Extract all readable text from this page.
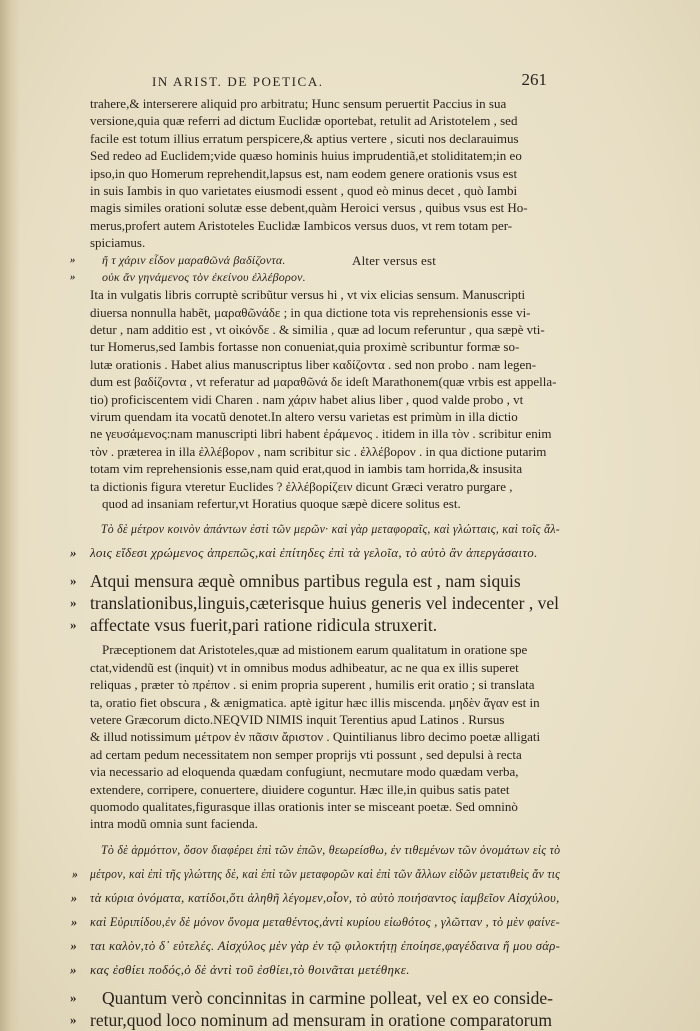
IN ARIST. DE POETICA.	261
trahere,& interserere aliquid pro arbitratu; Hunc sensum peruertit Paccius in sua
versione,quia quæ referri ad dictum Euclidæ oportebat, retulit ad Aristotelem , sed
facile est totum illius erratum perspicere,& aptius vertere , sicuti nos declarauimus
Sed redeo ad Euclidem;vide quæso hominis huius imprudentiã,et stoliditatem;in eo
ipso,in quo Homerum reprehendit,lapsus est, nam eodem genere orationis vsus est
in suis Iambis in quo varietates eiusmodi essent , quod eò minus decet , quò Iambi
magis similes orationi solutæ esse debent,quàm Heroici versus , quibus vsus est Ho-
merus,profert autem Aristoteles Euclidæ Iambicos versus duos, vt rem totam per-
spiciamus.
» ἤ τ χάριν εἶδον μαραθῶνά βαδίζοντα.	Alter versus est
» οὐκ ἄν γηνάμενος τὸν ἐκείνου ἐλλέβορον.
Ita in vulgatis libris corruptè scribũtur versus hi , vt vix elicias sensum. Manuscripti
diuersa nonnulla habẽt, μαραθῶνάδε ; in qua dictione tota vis reprehensionis esse vi-
detur , nam additio est , vt οἰκόνδε . & similia , quæ ad locum referuntur , qua sæpè vti-
tur Homerus,sed Iambis fortasse non conueniat,quia proximè scribuntur formæ so-
lutæ orationis . Habet alius manuscriptus liber καδίζοντα . sed non probo . nam legen-
dum est βαδίζοντα , vt referatur ad μαραθῶνά δε ideſt Marathonem(quæ vrbis est appella-
tio) proficiscentem vidi Charen . nam χάριν habet alius liber , quod valde probo , vt
virum quendam ita vocatũ denotet.In altero versu varietas est primùm in illa dictio
ne γευσάμενος:nam manuscripti libri habent ἐράμενος . itidem in illa τὸν . scribitur enim
τὸν . præterea in illa ἐλλέβορον , nam scribitur sic . ἐλλέβορον . in qua dictione putarim
totam vim reprehensionis esse,nam quid erat,quod in iambis tam horrida,& insusita
ta dictionis figura vteretur Euclides ? ἐλλέβορίζειν dicunt Græci veratro purgare ,
quod ad insaniam refertur,vt Horatius quoque sæpè dicere solitus est.
Τὸ δὲ μέτρον κοινὸν ἁπάντων ἐστὶ τῶν μερῶν· καὶ γὰρ μεταφοραῖς, καὶ γλώτταις, καὶ τοῖς ἄλ-
» λοις εἴδεσι χρώμενος ἀπρεπῶς,καὶ ἐπίτηδες ἐπὶ τὰ γελοῖα, τὸ αὐτὸ ἂν ἀπεργάσαιτο.
» Atqui mensura æquè omnibus partibus regula est , nam siquis
» translationibus,linguis,cæterisque huius generis vel indecenter , vel
» affectate vsus fuerit,pari ratione ridicula struxerit.
Præceptionem dat Aristoteles,quæ ad mistionem earum qualitatum in oratione spe
ctat,videndũ est (inquit) vt in omnibus modus adhibeatur, ac ne qua ex illis superet
reliquas , præter τὸ πρέπον . si enim propria superent , humilis erit oratio ; si translata
ta, oratio fiet obscura , & ænigmatica. aptè igitur hæc illis miscenda. μηδὲν ἄγαν est in
vetere Græcorum dicto.NEQVID NIMIS inquit Terentius apud Latinos . Rursus
& illud notissimum μέτρον ἐν πᾶσιν ἄριστον . Quintilianus libro decimo poetæ alligati
ad certam pedum necessitatem non semper proprijs vti possunt , sed depulsi à recta
via necessario ad eloquenda quædam confugiunt, necmutare modo quædam verba,
extendere, corripere, conuertere, diuidere coguntur. Hæc ille,in quibus satis patet
quomodo qualitates,figurasque illas orationis inter se misceant poetæ. Sed omninò
intra modũ omnia sunt facienda.
Τὸ δὲ ἁρμόττον, ὅσον διαφέρει ἐπὶ τῶν ἐπῶν, θεωρείσθω, ἐν τιθεμένων τῶν ὀνομάτων εἰς τὸ
» μέτρον, καὶ ἐπὶ τῆς γλώττης δὲ, καὶ ἐπὶ τῶν μεταφορῶν καὶ ἐπὶ τῶν ἄλλων εἰδῶν μετατιθεὶς ἄν τις
» τὰ κύρια ὀνόματα, κατίδοι,ὅτι ἀληθῆ λέγομεν,οἷον, τὸ αὐτὸ ποιήσαντος ἰαμβεῖον Αἰσχύλου,
» καὶ Εὐριπίδου,ἐν δὲ μόνον ὄνομα μεταθέντος,ἀντὶ κυρίου εἰωθότος , γλῶτταν , τὸ μὲν φαίνε-
» ται καλὸν,τὸ δ᾽ εὐτελές. Αἰσχύλος μὲν γὰρ ἐν τῷ φιλοκτήτῃ ἐποίησε,φαγέδαινα ἥ μου σάρ-
» κας ἐσθίει ποδός,ὁ δὲ ἀντὶ τοῦ ἐσθίει,τὸ θοινᾶται μετέθηκε.
» Quantum verò concinnitas in carmine polleat, vel ex eo conside-
» retur,quod loco nominum ad mensuram in oratione comparatorum
